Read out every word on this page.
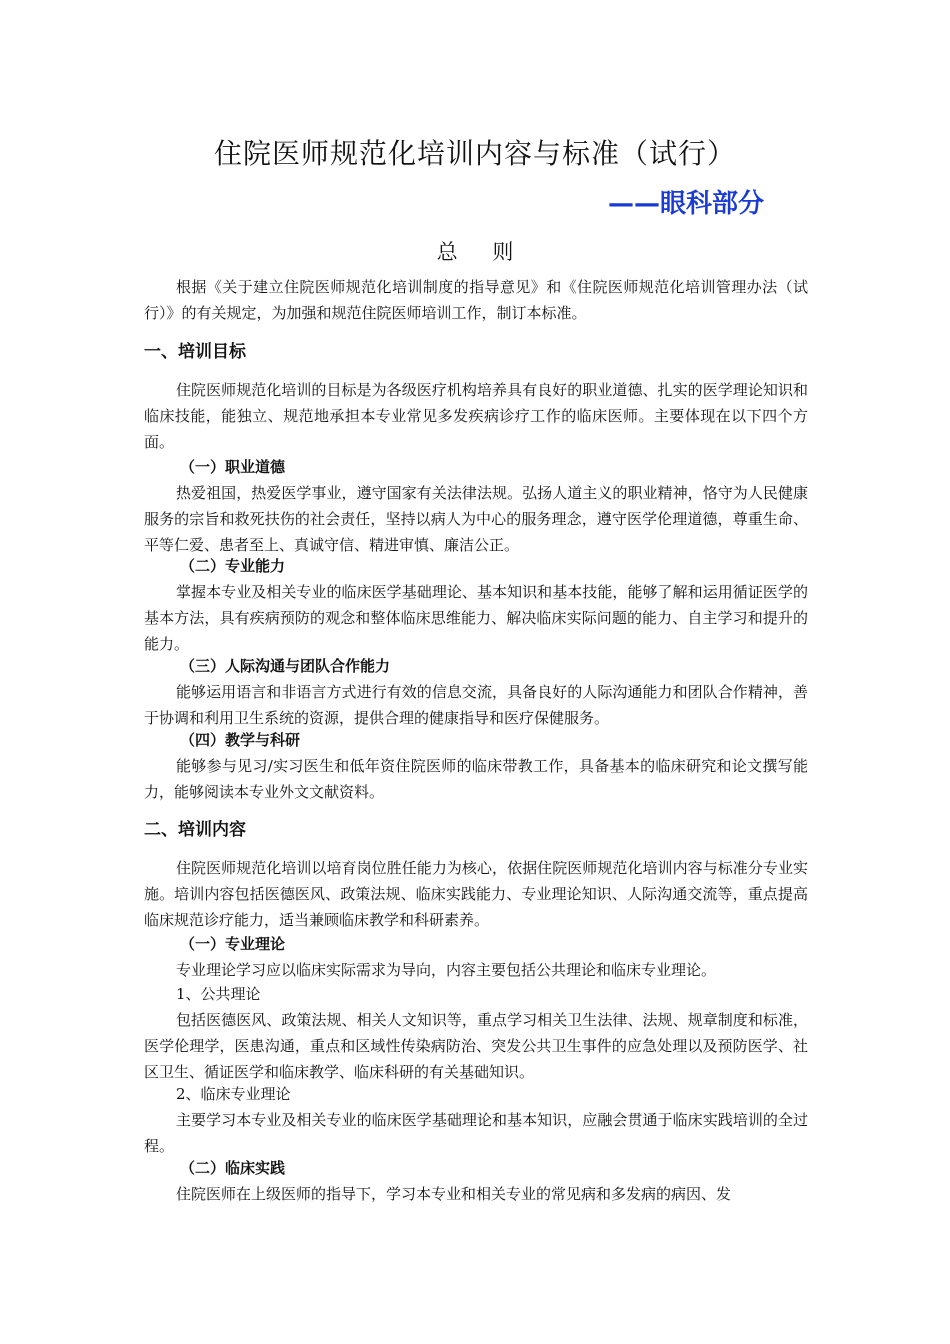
住院医师规范化培训内容与标准（试行）
——眼科部分
总 则
根据《关于建立住院医师规范化培训制度的指导意见》和《住院医师规范化培训管理办法（试行）》的有关规定，为加强和规范住院医师培训工作，制订本标准。
一、培训目标
住院医师规范化培训的目标是为各级医疗机构培养具有良好的职业道德、扎实的医学理论知识和临床技能，能独立、规范地承担本专业常见多发疾病诊疗工作的临床医师。主要体现在以下四个方面。
（一）职业道德
热爱祖国，热爱医学事业，遵守国家有关法律法规。弘扬人道主义的职业精神，恪守为人民健康服务的宗旨和救死扶伤的社会责任，坚持以病人为中心的服务理念，遵守医学伦理道德，尊重生命、平等仁爱、患者至上、真诚守信、精进审慎、廉洁公正。
（二）专业能力
掌握本专业及相关专业的临床医学基础理论、基本知识和基本技能，能够了解和运用循证医学的基本方法，具有疾病预防的观念和整体临床思维能力、解决临床实际问题的能力、自主学习和提升的能力。
（三）人际沟通与团队合作能力
能够运用语言和非语言方式进行有效的信息交流，具备良好的人际沟通能力和团队合作精神，善于协调和利用卫生系统的资源，提供合理的健康指导和医疗保健服务。
（四）教学与科研
能够参与见习/实习医生和低年资住院医师的临床带教工作，具备基本的临床研究和论文撰写能力，能够阅读本专业外文文献资料。
二、培训内容
住院医师规范化培训以培育岗位胜任能力为核心，依据住院医师规范化培训内容与标准分专业实施。培训内容包括医德医风、政策法规、临床实践能力、专业理论知识、人际沟通交流等，重点提高临床规范诊疗能力，适当兼顾临床教学和科研素养。
（一）专业理论
专业理论学习应以临床实际需求为导向，内容主要包括公共理论和临床专业理论。
1、公共理论
包括医德医风、政策法规、相关人文知识等，重点学习相关卫生法律、法规、规章制度和标准，医学伦理学，医患沟通，重点和区域性传染病防治、突发公共卫生事件的应急处理以及预防医学、社区卫生、循证医学和临床教学、临床科研的有关基础知识。
2、临床专业理论
主要学习本专业及相关专业的临床医学基础理论和基本知识，应融会贯通于临床实践培训的全过程。
（二）临床实践
住院医师在上级医师的指导下，学习本专业和相关专业的常见病和多发病的病因、发
